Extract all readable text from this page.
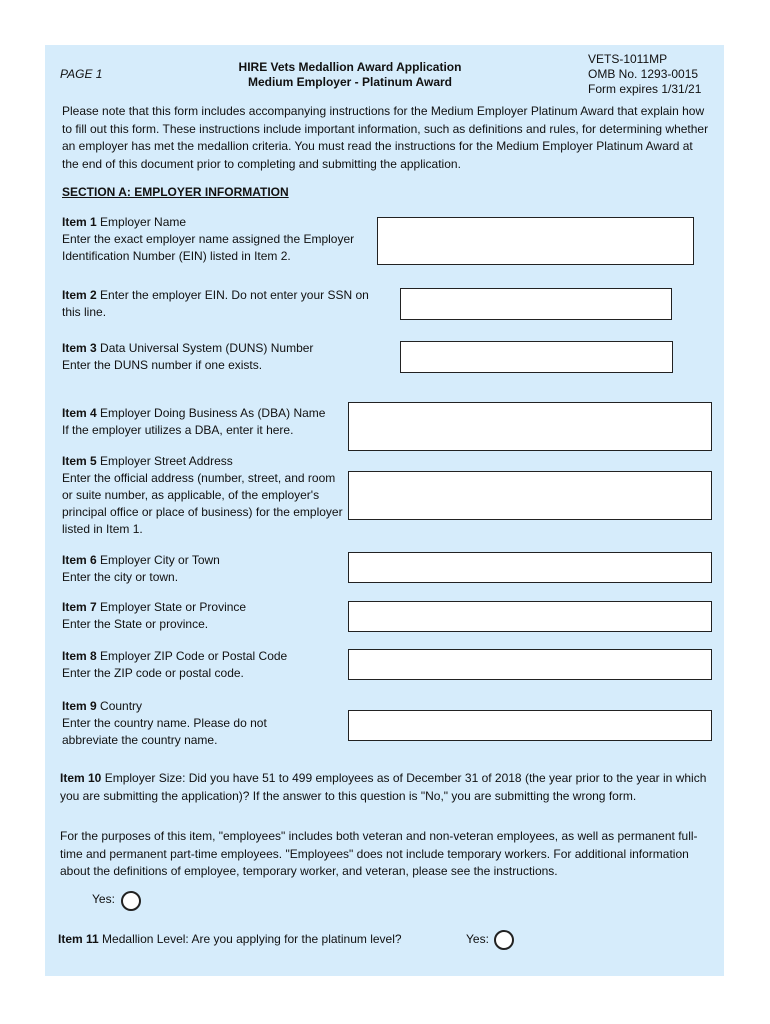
PAGE 1	HIRE Vets Medallion Award Application
Medium Employer - Platinum Award
VETS-1011MP
OMB No. 1293-0015
Form expires 1/31/21
Please note that this form includes accompanying instructions for the Medium Employer Platinum Award that explain how to fill out this form. These instructions include important information, such as definitions and rules, for determining whether an employer has met the medallion criteria. You must read the instructions for the Medium Employer Platinum Award at the end of this document prior to completing and submitting the application.
SECTION A: EMPLOYER INFORMATION
Item 1 Employer Name
Enter the exact employer name assigned the Employer Identification Number (EIN) listed in Item 2.
Item 2 Enter the employer EIN. Do not enter your SSN on this line.
Item 3 Data Universal System (DUNS) Number
Enter the DUNS number if one exists.
Item 4 Employer Doing Business As (DBA) Name
If the employer utilizes a DBA, enter it here.
Item 5 Employer Street Address
Enter the official address (number, street, and room or suite number, as applicable, of the employer's principal office or place of business) for the employer listed in Item 1.
Item 6 Employer City or Town
Enter the city or town.
Item 7 Employer State or Province
Enter the State or province.
Item 8 Employer ZIP Code or Postal Code
Enter the ZIP code or postal code.
Item 9 Country
Enter the country name. Please do not abbreviate the country name.
Item 10 Employer Size: Did you have 51 to 499 employees as of December 31 of 2018 (the year prior to the year in which you are submitting the application)? If the answer to this question is "No," you are submitting the wrong form.
For the purposes of this item, "employees" includes both veteran and non-veteran employees, as well as permanent full-time and permanent part-time employees. "Employees" does not include temporary workers. For additional information about the definitions of employee, temporary worker, and veteran, please see the instructions.
Yes:
Item 11 Medallion Level: Are you applying for the platinum level?	Yes:
